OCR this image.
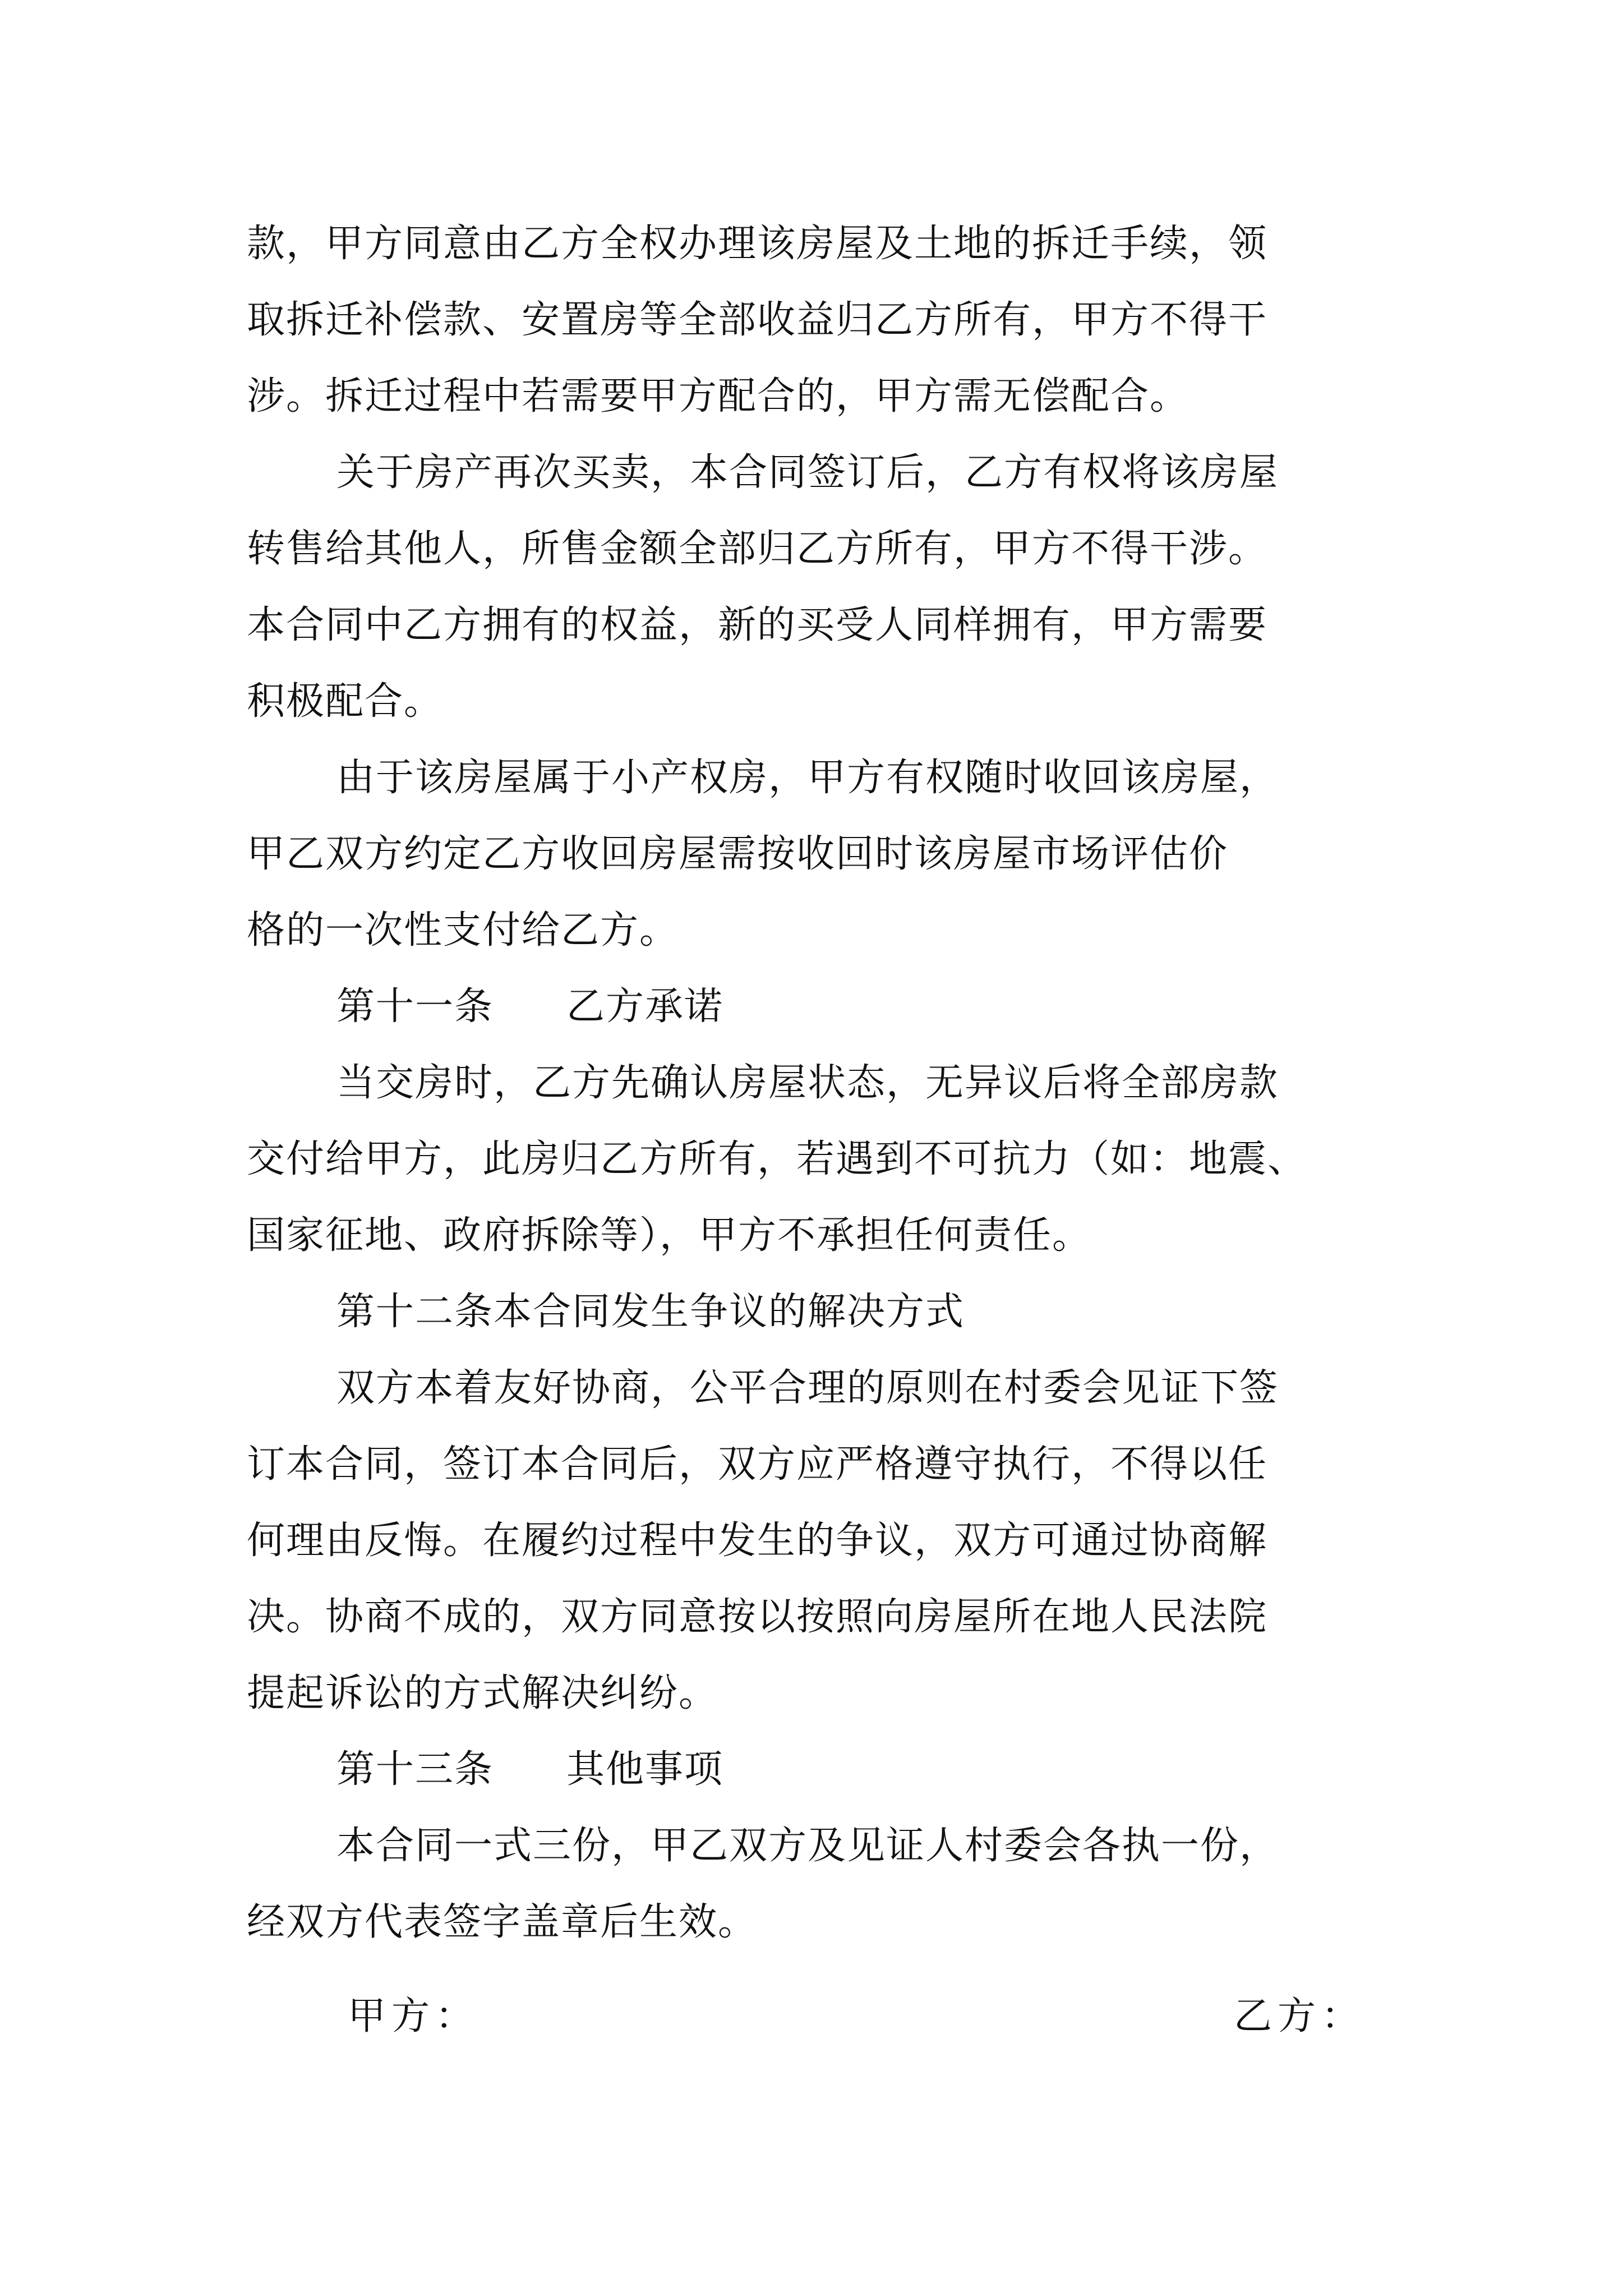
款，甲方同意由乙方全权办理该房屋及土地的拆迁手续，领
取拆迁补偿款、安置房等全部收益归乙方所有，甲方不得干
涉。拆迁过程中若需要甲方配合的，甲方需无偿配合。
关于房产再次买卖，本合同签订后，乙方有权将该房屋
转售给其他人，所售金额全部归乙方所有，甲方不得干涉。
本合同中乙方拥有的权益，新的买受人同样拥有，甲方需要
积极配合。
由于该房屋属于小产权房，甲方有权随时收回该房屋，
甲乙双方约定乙方收回房屋需按收回时该房屋市场评估价
格的一次性支付给乙方。
第十一条 乙方承诺
当交房时，乙方先确认房屋状态，无异议后将全部房款
交付给甲方，此房归乙方所有，若遇到不可抗力（如：地震、
国家征地、政府拆除等），甲方不承担任何责任。
第十二条本合同发生争议的解决方式
双方本着友好协商，公平合理的原则在村委会见证下签
订本合同，签订本合同后，双方应严格遵守执行，不得以任
何理由反悔。在履约过程中发生的争议，双方可通过协商解
决。协商不成的，双方同意按以按照向房屋所在地人民法院
提起诉讼的方式解决纠纷。
第十三条 其他事项
本合同一式三份，甲乙双方及见证人村委会各执一份，
经双方代表签字盖章后生效。
甲方：	乙方：
